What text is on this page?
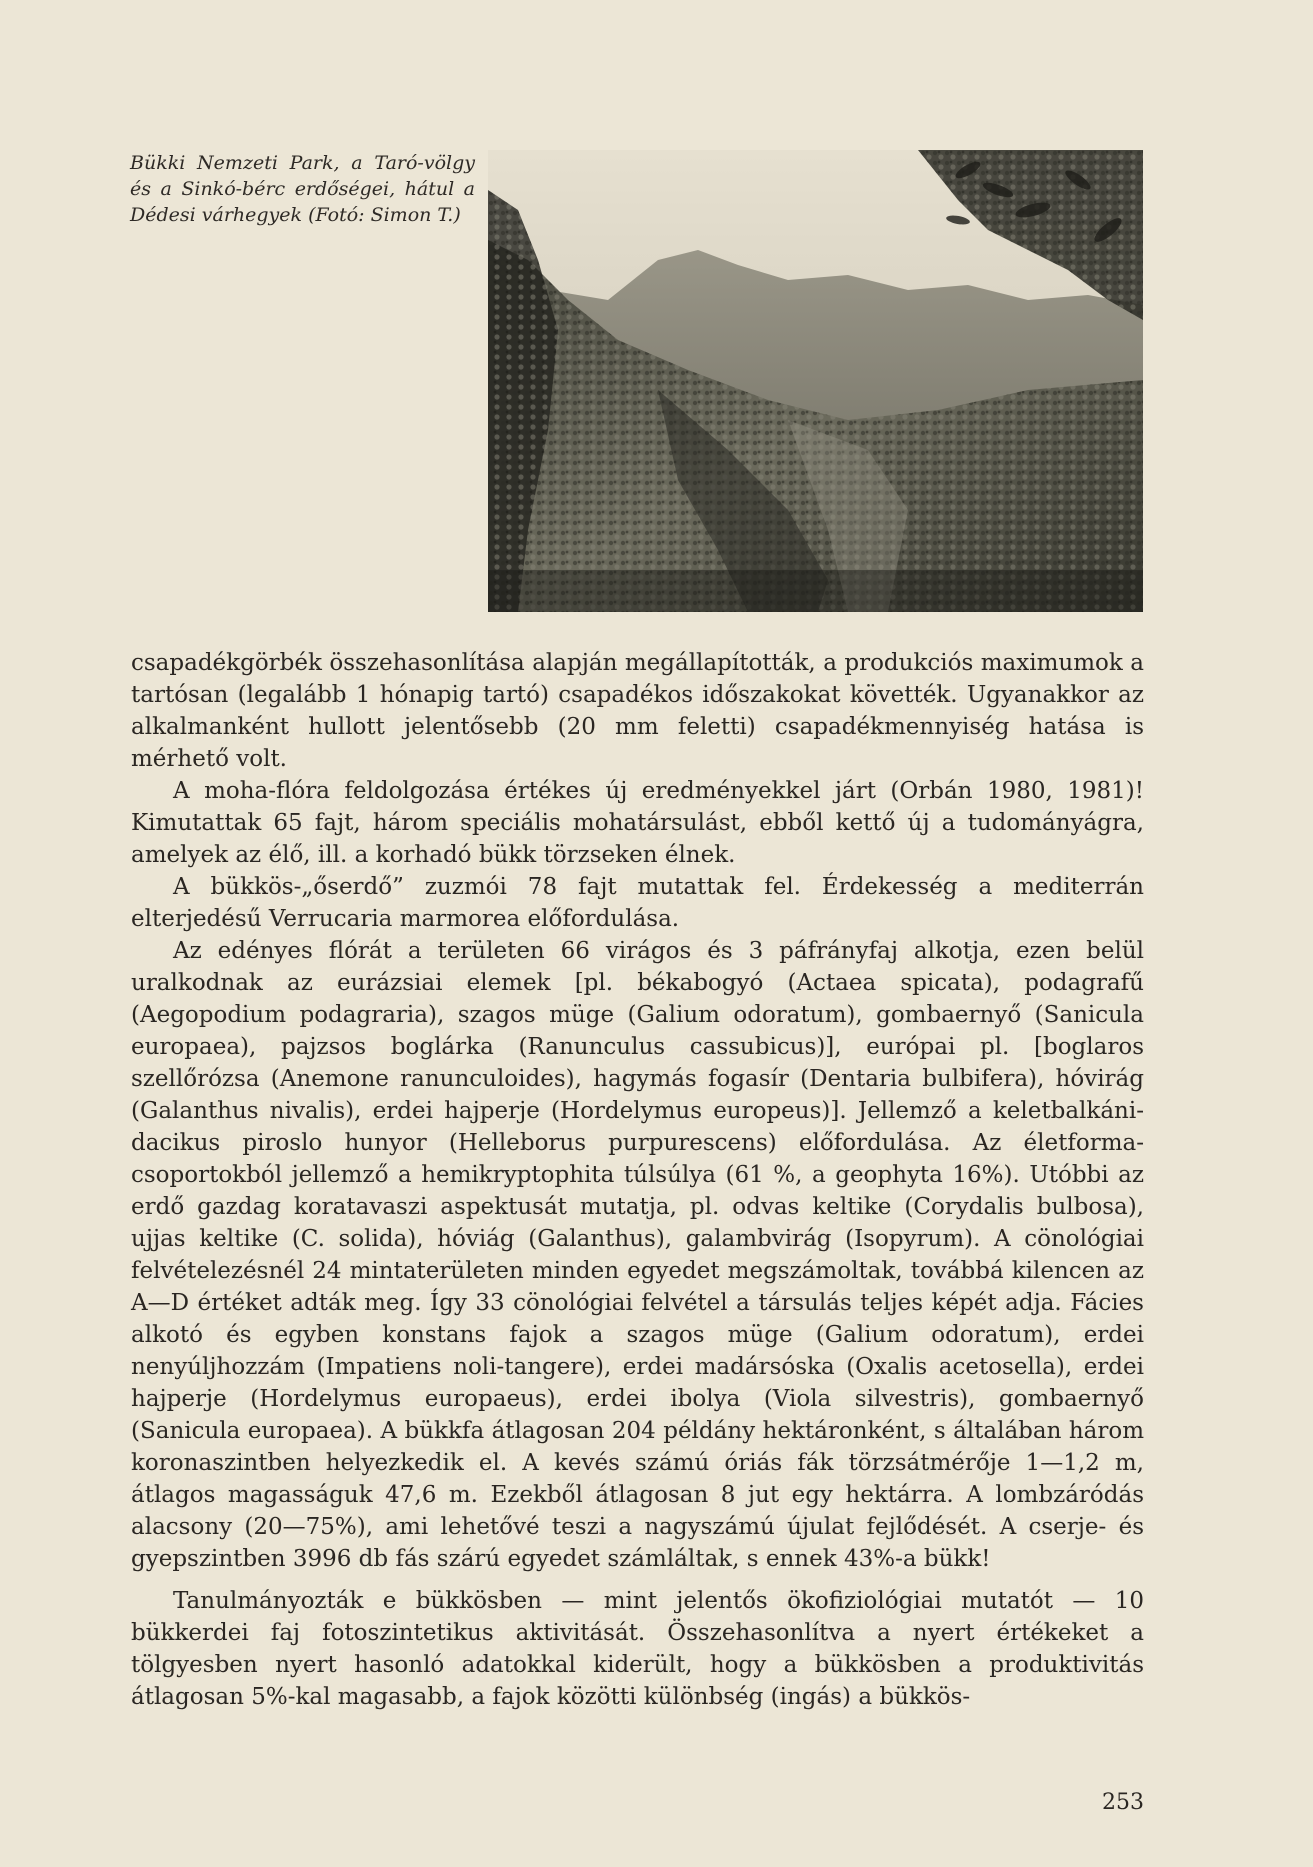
Bükki Nemzeti Park, a Taró-völgy és a Sinkó-bérc erdőségei, hátul a Dédesi várhegyek (Fotó: Simon T.)

csapadékgörbék összehasonlítása alapján megállapították, a produkciós maximumok a tartósan (legalább 1 hónapig tartó) csapadékos időszakokat követték. Ugyanakkor az alkalmanként hullott jelentősebb (20 mm feletti) csapadékmennyiség hatása is mérhető volt.

A moha-flóra feldolgozása értékes új eredményekkel járt (Orbán 1980, 1981)! Kimutattak 65 fajt, három speciális mohatársulást, ebből kettő új a tudományágra, amelyek az élő, ill. a korhadó bükk törzseken élnek.

A bükkös-„őserdő” zuzmói 78 fajt mutattak fel. Érdekesség a mediterrán elterjedésű Verrucaria marmorea előfordulása.

Az edényes flórát a területen 66 virágos és 3 páfrányfaj alkotja, ezen belül uralkodnak az eurázsiai elemek [pl. békabogyó (Actaea spicata), podagrafű (Aegopodium podagraria), szagos müge (Galium odoratum), gombaernyő (Sanicula europaea), pajzsos boglárka (Ranunculus cassubicus)], európai pl. [boglaros szellőrózsa (Anemone ranunculoides), hagymás fogasír (Dentaria bulbifera), hóvirág (Galanthus nivalis), erdei hajperje (Hordelymus europeus)]. Jellemző a keletbalkáni-dacikus piroslo hunyor (Helleborus purpurescens) előfordulása. Az életforma-csoportokból jellemző a hemikryptophita túlsúlya (61 %, a geophyta 16%). Utóbbi az erdő gazdag koratavaszi aspektusát mutatja, pl. odvas keltike (Corydalis bulbosa), ujjas keltike (C. solida), hóviág (Galanthus), galambvirág (Isopyrum). A cönológiai felvételezésnél 24 mintaterületen minden egyedet megszámoltak, továbbá kilencen az A—D értéket adták meg. Így 33 cönológiai felvétel a társulás teljes képét adja. Fácies alkotó és egyben konstans fajok a szagos müge (Galium odoratum), erdei nenyúljhozzám (Impatiens noli-tangere), erdei madársóska (Oxalis acetosella), erdei hajperje (Hordelymus europaeus), erdei ibolya (Viola silvestris), gombaernyő (Sanicula europaea). A bükkfa átlagosan 204 példány hektáronként, s általában három koronaszintben helyezkedik el. A kevés számú óriás fák törzsátmérője 1—1,2 m, átlagos magasságuk 47,6 m. Ezekből átlagosan 8 jut egy hektárra. A lombzáródás alacsony (20—75%), ami lehetővé teszi a nagyszámú újulat fejlődését. A cserje- és gyepszintben 3996 db fás szárú egyedet számláltak, s ennek 43%-a bükk!

Tanulmányozták e bükkösben — mint jelentős ökofiziológiai mutatót — 10 bükkerdei faj fotoszintetikus aktivitását. Összehasonlítva a nyert értékeket a tölgyesben nyert hasonló adatokkal kiderült, hogy a bükkösben a produktivitás átlagosan 5%-kal magasabb, a fajok közötti különbség (ingás) a bükkös-

253
